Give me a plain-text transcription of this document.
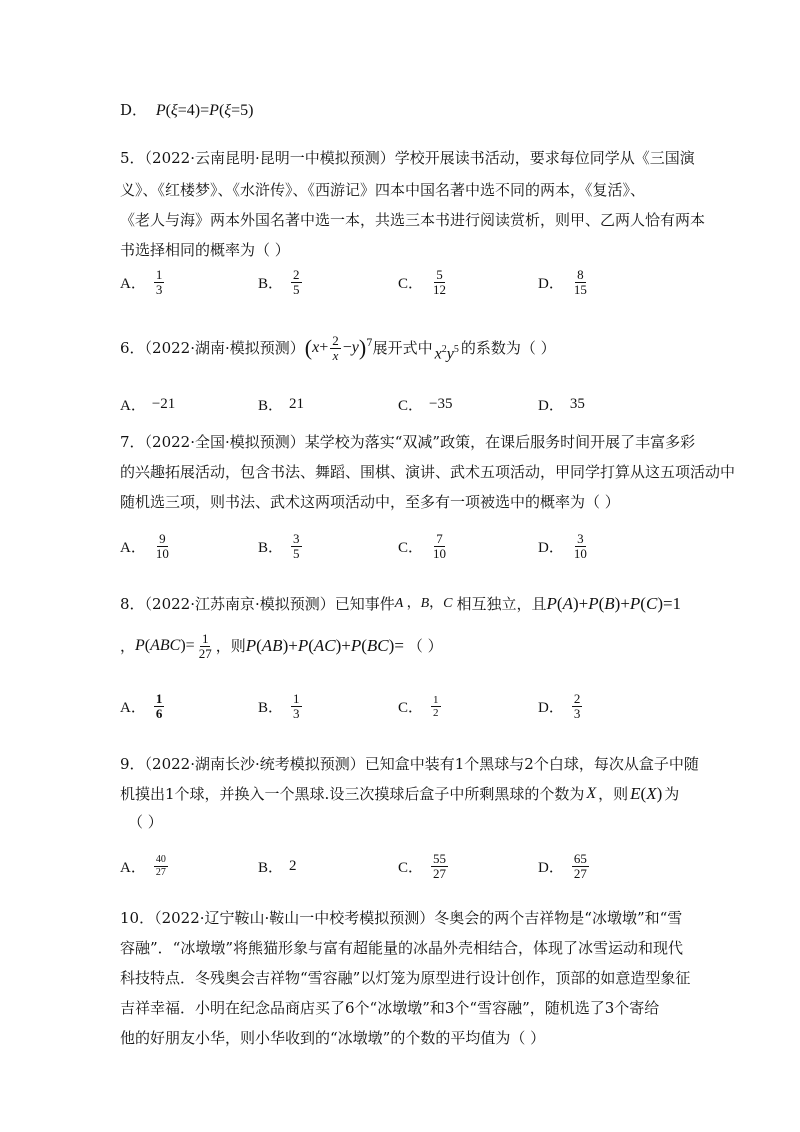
D． P(ξ=4)=P(ξ=5)
5．（2022·云南昆明·昆明一中模拟预测）学校开展读书活动，要求每位同学从《三国演
义》、《红楼梦》、《水浒传》、《西游记》四本中国名著中选不同的两本，《复活》、
《老人与海》两本外国名著中选一本，共选三本书进行阅读赏析，则甲、乙两人恰有两本
书选择相同的概率为（ ）
A． $\frac{1}{3}$	B． $\frac{2}{5}$	C． $\frac{5}{12}$	D． $\frac{8}{15}$
6．（2022·湖南·模拟预测） ( $x + \frac{2}{x} - y$ )$^7$ 展开式中 $x^2y^5$ 的系数为（ ）
A． −21	B． 21	C． −35	D． 35
7．（2022·全国·模拟预测）某学校为落实“双减”政策，在课后服务时间开展了丰富多彩
的兴趣拓展活动，包含书法、舞蹈、围棋、演讲、武术五项活动，甲同学打算从这五项活动中
随机选三项，则书法、武术这两项活动中，至多有一项被选中的概率为（ ）
A． $\frac{9}{10}$	B． $\frac{3}{5}$	C． $\frac{7}{10}$	D． $\frac{3}{10}$
8．（2022·江苏南京·模拟预测）已知事件 A ，B，C 相互独立，且 P(A)+P(B)+P(C)=1
， $P(ABC)= \frac{1}{27}$ ，则 P(AB)+P(AC)+P(BC)= （ ）
A． $\frac{1}{6}$	B． $\frac{1}{3}$	C． $\frac{1}{2}$	D． $\frac{2}{3}$
9．（2022·湖南长沙·统考模拟预测）已知盒中装有1个黑球与2个白球，每次从盒子中随
机摸出1个球，并换入一个黑球.设三次摸球后盒子中所剩黑球的个数为 X ，则 E(X) 为
（ ）
A． $\frac{40}{27}$	B． 2	C． $\frac{55}{27}$	D． $\frac{65}{27}$
10．（2022·辽宁鞍山·鞍山一中校考模拟预测）冬奥会的两个吉祥物是“冰墩墩”和“雪
容融”．“冰墩墩”将熊猫形象与富有超能量的冰晶外壳相结合，体现了冰雪运动和现代
科技特点．冬残奥会吉祥物“雪容融”以灯笼为原型进行设计创作，顶部的如意造型象征
吉祥幸福．小明在纪念品商店买了6个“冰墩墩”和3个“雪容融”，随机选了3个寄给
他的好朋友小华，则小华收到的“冰墩墩”的个数的平均值为（ ）
